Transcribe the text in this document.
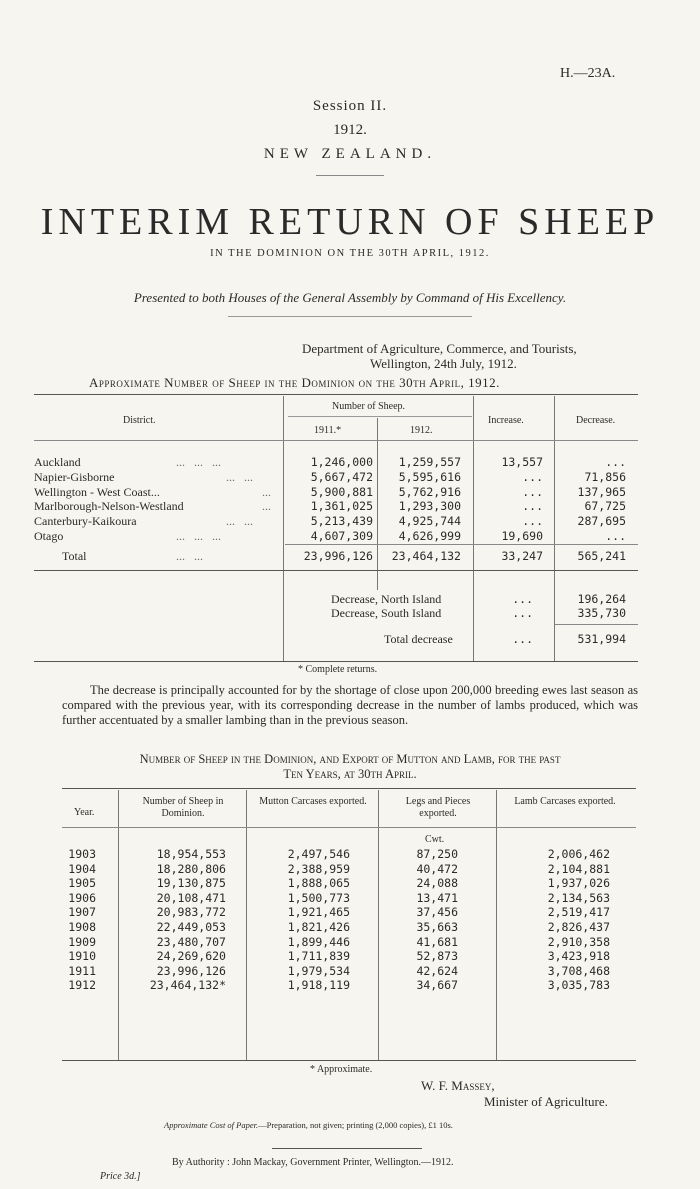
H.—23A.
Session II.
1912.
NEW ZEALAND.
INTERIM RETURN OF SHEEP
IN THE DOMINION ON THE 30TH APRIL, 1912.
Presented to both Houses of the General Assembly by Command of His Excellency.
Department of Agriculture, Commerce, and Tourists,
Wellington, 24th July, 1912.
Approximate Number of Sheep in the Dominion on the 30th April, 1912.
District.
Number of Sheep.
1911.*	1912.
Increase.	Decrease.
Auckland	...   ...   ...	1,246,000	1,259,557	13,557	...
Napier-Gisborne	...   ...	5,667,472	5,595,616	...	71,856
Wellington - West Coast...	...	5,900,881	5,762,916	...	137,965
Marlborough-Nelson-Westland	...	1,361,025	1,293,300	...	67,725
Canterbury-Kaikoura	...   ...	5,213,439	4,925,744	...	287,695
Otago	...   ...   ...	4,607,309	4,626,999	19,690	...
Total	...   ...	23,996,126	23,464,132	33,247	565,241
Decrease, North Island	...	196,264
Decrease, South Island	...	335,730
Total decrease	...	531,994
* Complete returns.
The decrease is principally accounted for by the shortage of close upon 200,000 breeding ewes last season as compared with the previous year, with its corresponding decrease in the number of lambs produced, which was further accentuated by a smaller lambing than in the previous season.
Number of Sheep in the Dominion, and Export of Mutton and Lamb, for the past
Ten Years, at 30th April.
Year.
Number of Sheep in Dominion.
Mutton Carcases exported.	Legs and Pieces exported.
Lamb Carcases exported.
Cwt.
1903	18,954,553	2,497,546	87,250	2,006,462
1904	18,280,806	2,388,959	40,472	2,104,881
1905	19,130,875	1,888,065	24,088	1,937,026
1906	20,108,471	1,500,773	13,471	2,134,563
1907	20,983,772	1,921,465	37,456	2,519,417
1908	22,449,053	1,821,426	35,663	2,826,437
1909	23,480,707	1,899,446	41,681	2,910,358
1910	24,269,620	1,711,839	52,873	3,423,918
1911	23,996,126	1,979,534	42,624	3,708,468
1912	23,464,132*	1,918,119	34,667	3,035,783
* Approximate.
W. F. Massey,
Minister of Agriculture.
Approximate Cost of Paper.—Preparation, not given; printing (2,000 copies), £1 10s.
By Authority : John Mackay, Government Printer, Wellington.—1912.
Price 3d.]
